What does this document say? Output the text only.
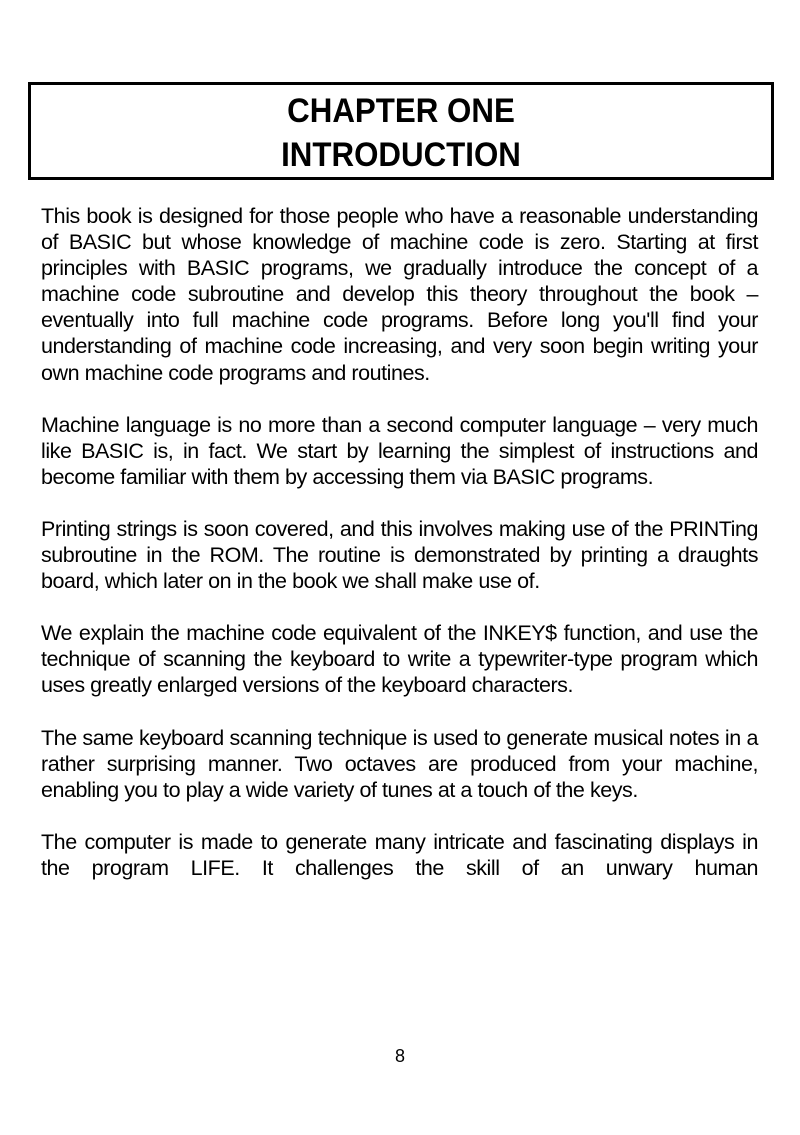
CHAPTER ONE
INTRODUCTION

This book is designed for those people who have a reasonable understanding of BASIC but whose knowledge of machine code is zero. Starting at first principles with BASIC programs, we gradually introduce the concept of a machine code subroutine and develop this theory throughout the book – eventually into full machine code programs. Before long you'll find your understanding of machine code increasing, and very soon begin writing your own machine code programs and routines.

Machine language is no more than a second computer language – very much like BASIC is, in fact. We start by learning the simplest of instructions and become familiar with them by accessing them via BASIC programs.

Printing strings is soon covered, and this involves making use of the PRINTing subroutine in the ROM. The routine is demonstrated by printing a draughts board, which later on in the book we shall make use of.

We explain the machine code equivalent of the INKEY$ function, and use the technique of scanning the keyboard to write a typewriter-type program which uses greatly enlarged versions of the keyboard characters.

The same keyboard scanning technique is used to generate musical notes in a rather surprising manner. Two octaves are produced from your machine, enabling you to play a wide variety of tunes at a touch of the keys.

The computer is made to generate many intricate and fascinating displays in the program LIFE. It challenges the skill of an unwary human

8
